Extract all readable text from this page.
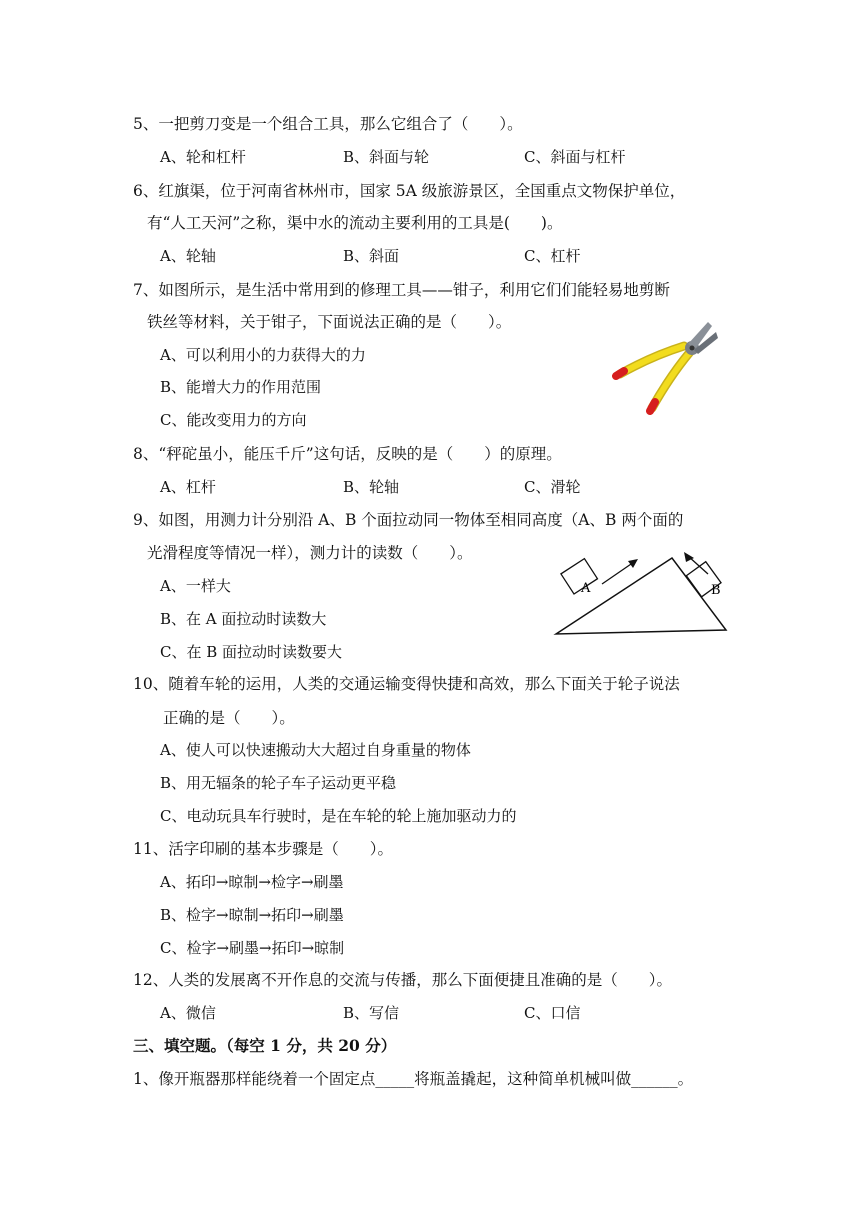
5、一把剪刀变是一个组合工具，那么它组合了（　　）。
A、轮和杠杆	B、斜面与轮	C、斜面与杠杆
6、红旗渠，位于河南省林州市，国家 5A 级旅游景区，全国重点文物保护单位，
有“人工天河”之称，渠中水的流动主要利用的工具是(　　)。
A、轮轴	B、斜面	C、杠杆
7、如图所示，是生活中常用到的修理工具——钳子，利用它们们能轻易地剪断
铁丝等材料，关于钳子，下面说法正确的是（　　）。
A、可以利用小的力获得大的力
B、能增大力的作用范围
C、能改变用力的方向
8、“秤砣虽小，能压千斤”这句话，反映的是（　　）的原理。
A、杠杆	B、轮轴	C、滑轮
9、如图，用测力计分别沿 A、B 个面拉动同一物体至相同高度（A、B 两个面的
光滑程度等情况一样），测力计的读数（　　）。
A、一样大
B、在 A 面拉动时读数大
C、在 B 面拉动时读数要大
A	B
10、随着车轮的运用，人类的交通运输变得快捷和高效，那么下面关于轮子说法
正确的是（　　）。
A、使人可以快速搬动大大超过自身重量的物体
B、用无辐条的轮子车子运动更平稳
C、电动玩具车行驶时，是在车轮的轮上施加驱动力的
11、活字印刷的基本步骤是（　　）。
A、拓印→晾制→检字→刷墨
B、检字→晾制→拓印→刷墨
C、检字→刷墨→拓印→晾制
12、人类的发展离不开作息的交流与传播，那么下面便捷且准确的是（　　）。
A、微信	B、写信	C、口信
三、填空题。（每空 1 分，共 20 分）
1、像开瓶器那样能绕着一个固定点_____将瓶盖撬起，这种简单机械叫做______。
